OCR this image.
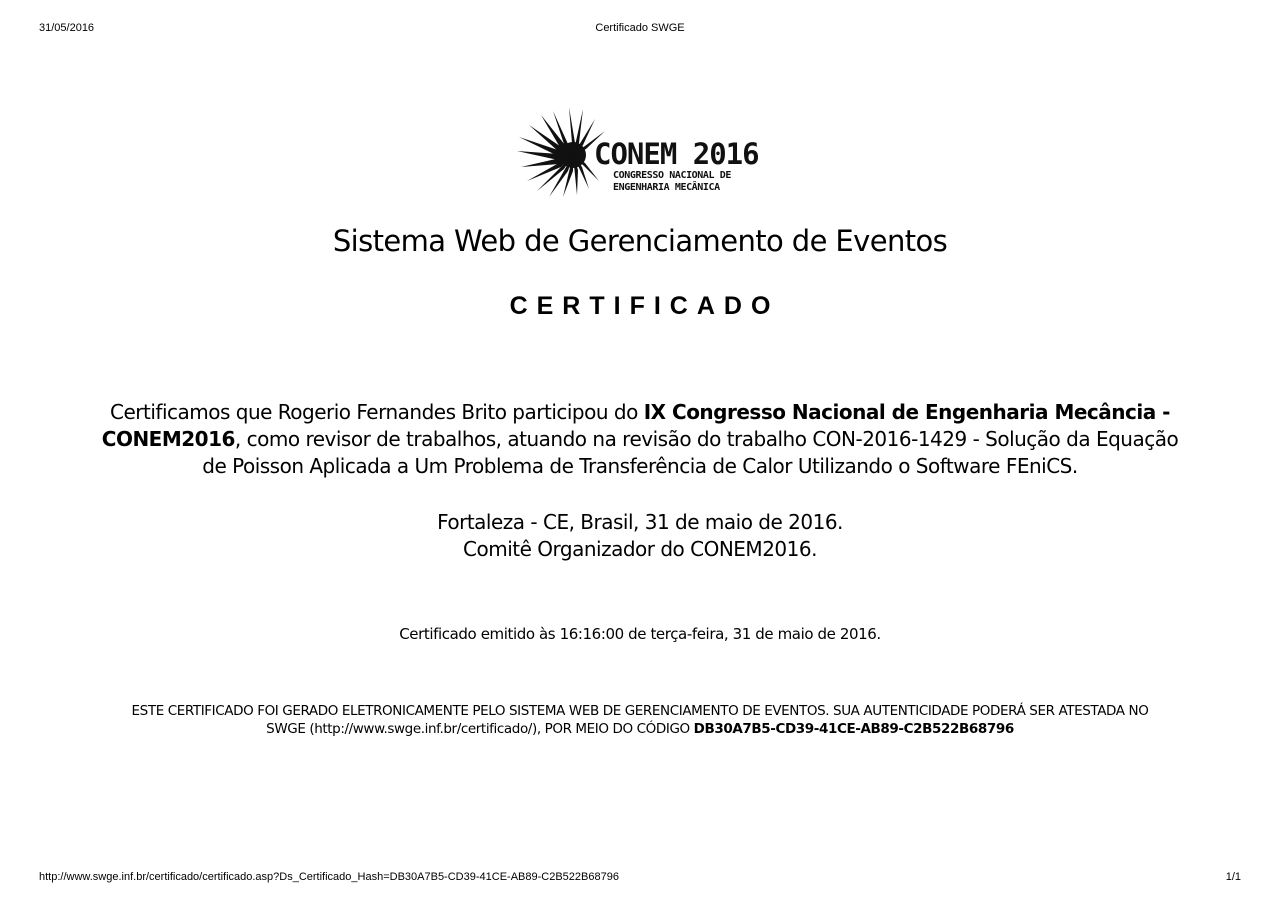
31/05/2016	Certificado SWGE
CONEM 2016
CONGRESSO NACIONAL DE
ENGENHARIA MECÂNICA
Sistema Web de Gerenciamento de Eventos
CERTIFICADO
Certificamos que Rogerio Fernandes Brito participou do IX Congresso Nacional de Engenharia Mecância - CONEM2016, como revisor de trabalhos, atuando na revisão do trabalho CON-2016-1429 - Solução da Equação de Poisson Aplicada a Um Problema de Transferência de Calor Utilizando o Software FEniCS.
Fortaleza - CE, Brasil, 31 de maio de 2016.
Comitê Organizador do CONEM2016.
Certificado emitido às 16:16:00 de terça-feira, 31 de maio de 2016.
ESTE CERTIFICADO FOI GERADO ELETRONICAMENTE PELO SISTEMA WEB DE GERENCIAMENTO DE EVENTOS. SUA AUTENTICIDADE PODERÁ SER ATESTADA NO SWGE (http://www.swge.inf.br/certificado/), POR MEIO DO CÓDIGO DB30A7B5-CD39-41CE-AB89-C2B522B68796
http://www.swge.inf.br/certificado/certificado.asp?Ds_Certificado_Hash=DB30A7B5-CD39-41CE-AB89-C2B522B68796	1/1
